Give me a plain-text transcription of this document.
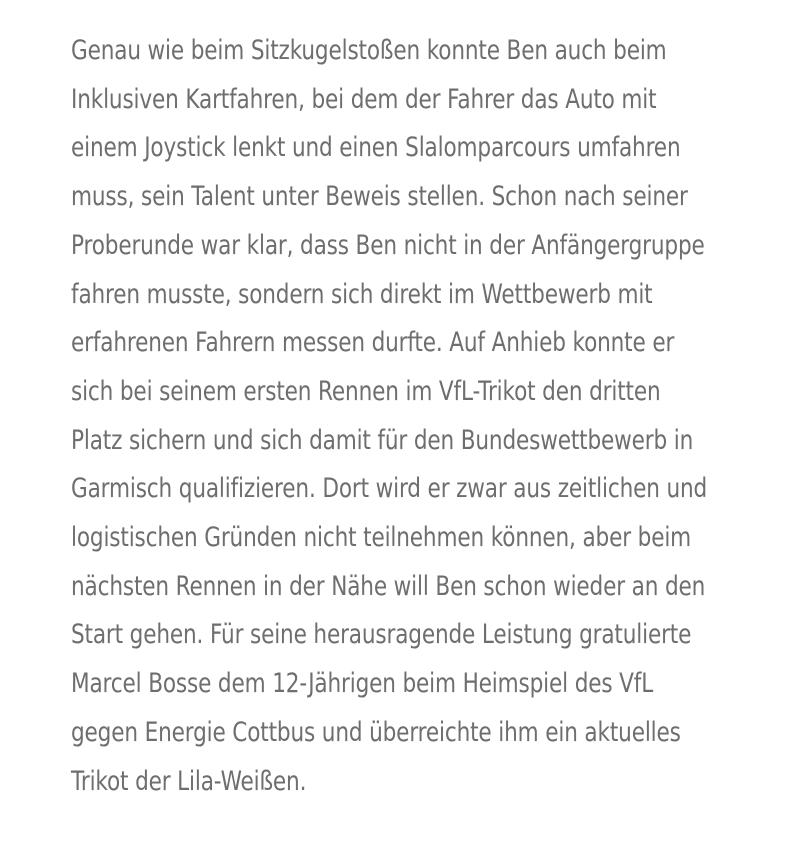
Genau wie beim Sitzkugelstoßen konnte Ben auch beim
Inklusiven Kartfahren, bei dem der Fahrer das Auto mit
einem Joystick lenkt und einen Slalomparcours umfahren
muss, sein Talent unter Beweis stellen. Schon nach seiner
Proberunde war klar, dass Ben nicht in der Anfängergruppe
fahren musste, sondern sich direkt im Wettbewerb mit
erfahrenen Fahrern messen durfte. Auf Anhieb konnte er
sich bei seinem ersten Rennen im VfL-Trikot den dritten
Platz sichern und sich damit für den Bundeswettbewerb in
Garmisch qualifizieren. Dort wird er zwar aus zeitlichen und
logistischen Gründen nicht teilnehmen können, aber beim
nächsten Rennen in der Nähe will Ben schon wieder an den
Start gehen. Für seine herausragende Leistung gratulierte
Marcel Bosse dem 12-Jährigen beim Heimspiel des VfL
gegen Energie Cottbus und überreichte ihm ein aktuelles
Trikot der Lila-Weißen.
